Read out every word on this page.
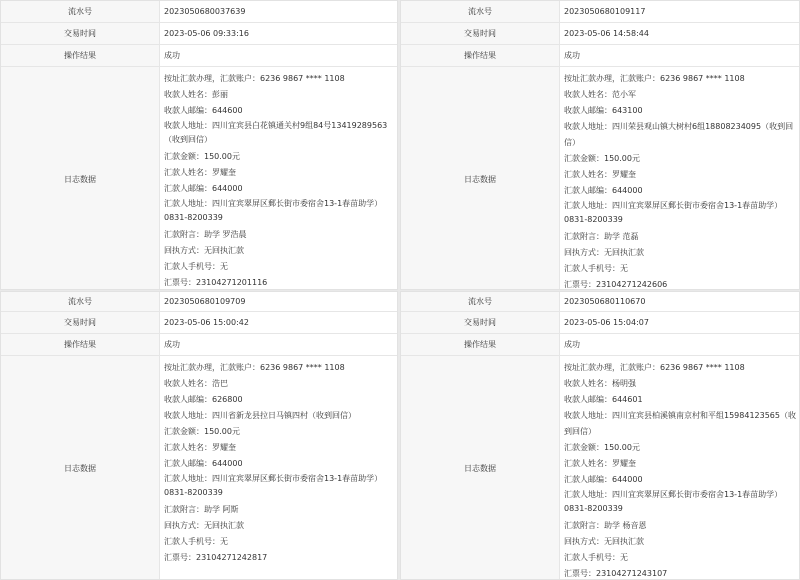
流水号	2023050680037639
交易时间	2023-05-06 09:33:16
操作结果	成功
日志数据
按址汇款办理，汇款账户：6236 9867 **** 1108
收款人姓名：彭丽
收款人邮编：644600
收款人地址：四川宜宾县白花镇通关村9组84号13419289563（收到回信）
汇款金额：150.00元
汇款人姓名：罗耀奎
汇款人邮编：644000
汇款人地址：四川宜宾翠屏区郵长街市委宿舍13-1春苗助学）0831-8200339
汇款附言：助学 罗浩晨
回执方式：无回执汇款
汇款人手机号：无
汇票号：23104271201116
流水号	2023050680109117
交易时间	2023-05-06 14:58:44
操作结果	成功
日志数据
按址汇款办理，汇款账户：6236 9867 **** 1108
收款人姓名：范小军
收款人邮编：643100
收款人地址：四川荣县观山镇大树村6组18808234095（收到回信）
汇款金额：150.00元
汇款人姓名：罗耀奎
汇款人邮编：644000
汇款人地址：四川宜宾翠屏区郵长街市委宿舍13-1春苗助学）0831-8200339
汇款附言：助学 范磊
回执方式：无回执汇款
汇款人手机号：无
汇票号：23104271242606
流水号	2023050680109709
交易时间	2023-05-06 15:00:42
操作结果	成功
日志数据
按址汇款办理，汇款账户：6236 9867 **** 1108
收款人姓名：浩巴
收款人邮编：626800
收款人地址：四川省新龙县拉日马镇四村（收到回信）
汇款金额：150.00元
汇款人姓名：罗耀奎
汇款人邮编：644000
汇款人地址：四川宜宾翠屏区郵长街市委宿舍13-1春苗助学）0831-8200339
汇款附言：助学 阿斯
回执方式：无回执汇款
汇款人手机号：无
汇票号：23104271242817
流水号	2023050680110670
交易时间	2023-05-06 15:04:07
操作结果	成功
日志数据
按址汇款办理，汇款账户：6236 9867 **** 1108
收款人姓名：杨明强
收款人邮编：644601
收款人地址：四川宜宾县柏溪镇南京村和平组15984123565（收到回信）
汇款金额：150.00元
汇款人姓名：罗耀奎
汇款人邮编：644000
汇款人地址：四川宜宾翠屏区郵长街市委宿舍13-1春苗助学）0831-8200339
汇款附言：助学 杨音恩
回执方式：无回执汇款
汇款人手机号：无
汇票号：23104271243107
